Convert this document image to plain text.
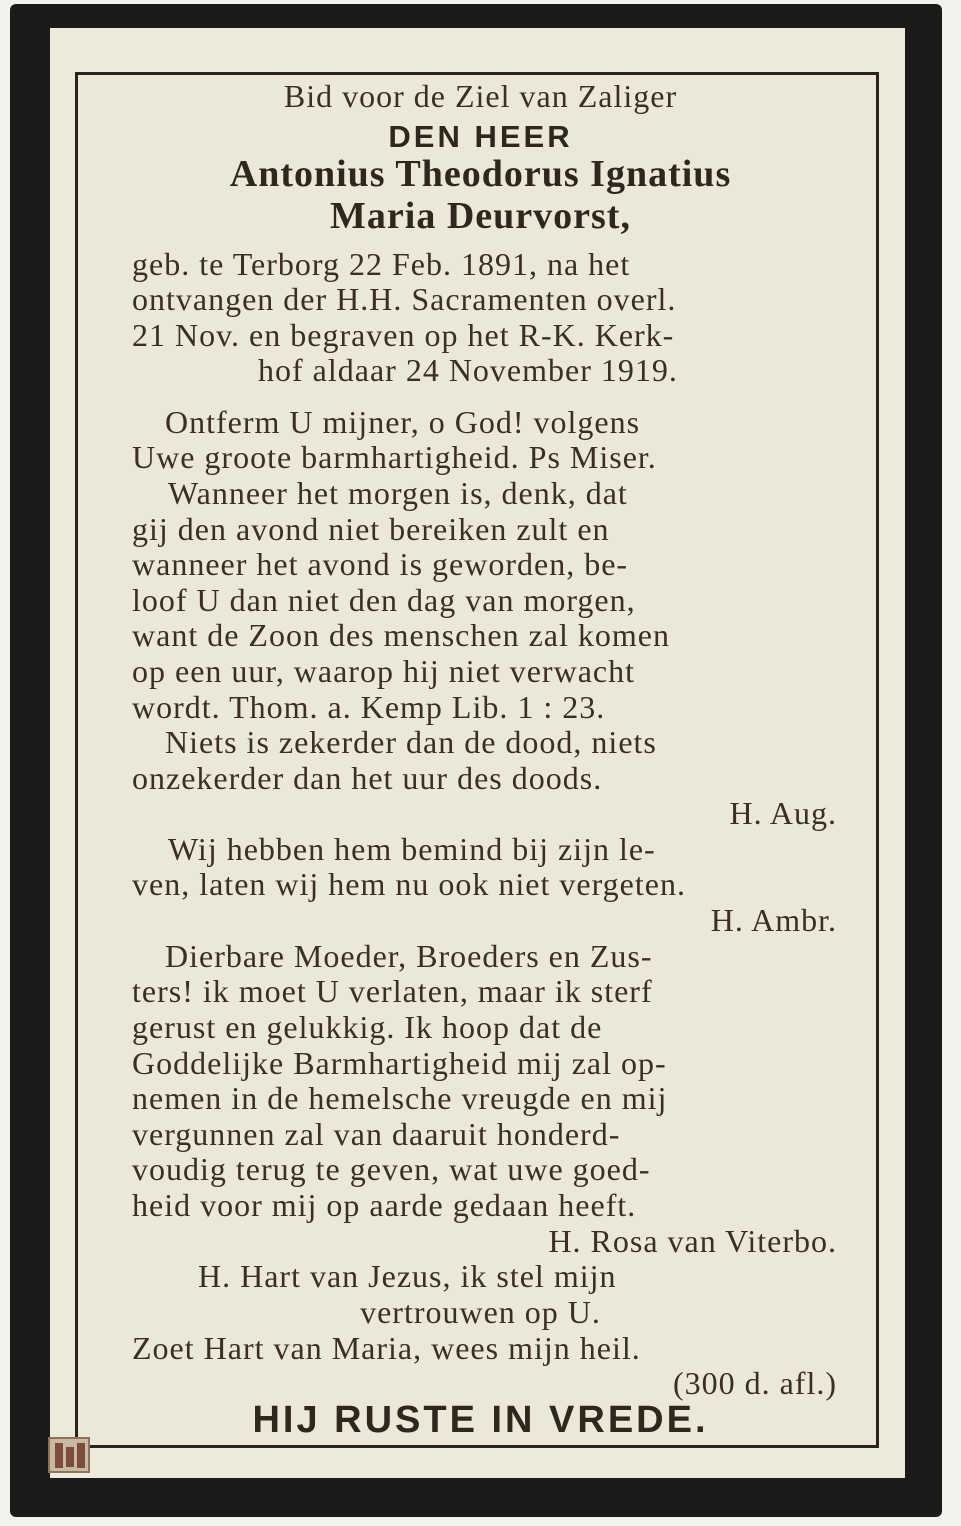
Bid voor de Ziel van Zaliger
DEN HEER
Antonius Theodorus Ignatius
Maria Deurvorst,
geb. te Terborg 22 Feb. 1891, na het
ontvangen der H.H. Sacramenten overl.
21 Nov. en begraven op het R-K. Kerk-
hof aldaar 24 November 1919.
Ontferm U mijner, o God! volgens
Uwe groote barmhartigheid. Ps Miser.
Wanneer het morgen is, denk, dat
gij den avond niet bereiken zult en
wanneer het avond is geworden, be-
loof U dan niet den dag van morgen,
want de Zoon des menschen zal komen
op een uur, waarop hij niet verwacht
wordt. Thom. a. Kemp Lib. 1 : 23.
Niets is zekerder dan de dood, niets
onzekerder dan het uur des doods.
H. Aug.
Wij hebben hem bemind bij zijn le-
ven, laten wij hem nu ook niet vergeten.
H. Ambr.
Dierbare Moeder, Broeders en Zus-
ters! ik moet U verlaten, maar ik sterf
gerust en gelukkig. Ik hoop dat de
Goddelijke Barmhartigheid mij zal op-
nemen in de hemelsche vreugde en mij
vergunnen zal van daaruit honderd-
voudig terug te geven, wat uwe goed-
heid voor mij op aarde gedaan heeft.
H. Rosa van Viterbo.
H. Hart van Jezus, ik stel mijn
vertrouwen op U.
Zoet Hart van Maria, wees mijn heil.
(300 d. afl.)
HIJ RUSTE IN VREDE.
